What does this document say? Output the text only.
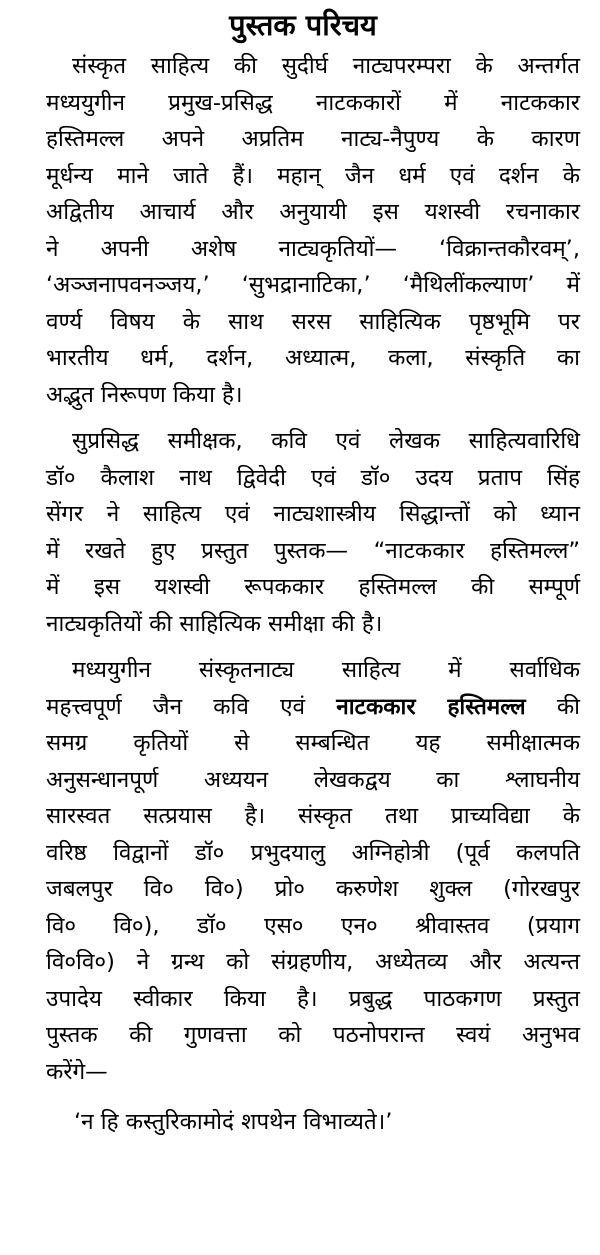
पुस्तक परिचय
संस्कृत साहित्य की सुदीर्घ नाट्यपरम्परा के अन्तर्गत
मध्ययुगीन प्रमुख-प्रसिद्ध नाटककारों में नाटककार
हस्तिमल्ल अपने अप्रतिम नाट्य-नैपुण्य के कारण
मूर्धन्य माने जाते हैं। महान् जैन धर्म एवं दर्शन के
अद्वितीय आचार्य और अनुयायी इस यशस्वी रचनाकार
ने अपनी अशेष नाट्यकृतियों— ‘विक्रान्तकौरवम्’,
‘अञ्जनापवनञ्जय,’ ‘सुभद्रानाटिका,’ ‘मैथिलींकल्याण’ में
वर्ण्य विषय के साथ सरस साहित्यिक पृष्ठभूमि पर
भारतीय धर्म, दर्शन, अध्यात्म, कला, संस्कृति का
अद्भुत निरूपण किया है।
सुप्रसिद्ध समीक्षक, कवि एवं लेखक साहित्यवारिधि
डॉ० कैलाश नाथ द्विवेदी एवं डॉ० उदय प्रताप सिंह
सेंगर ने साहित्य एवं नाट्यशास्त्रीय सिद्धान्तों को ध्यान
में रखते हुए प्रस्तुत पुस्तक— “नाटककार हस्तिमल्ल”
में इस यशस्वी रूपककार हस्तिमल्ल की सम्पूर्ण
नाट्यकृतियों की साहित्यिक समीक्षा की है।
मध्ययुगीन संस्कृतनाट्य साहित्य में सर्वाधिक
महत्त्वपूर्ण जैन कवि एवं नाटककार हस्तिमल्ल की
समग्र कृतियों से सम्बन्धित यह समीक्षात्मक
अनुसन्धानपूर्ण अध्ययन लेखकद्वय का श्लाघनीय
सारस्वत सत्प्रयास है। संस्कृत तथा प्राच्यविद्या के
वरिष्ठ विद्वानों डॉ० प्रभुदयालु अग्निहोत्री (पूर्व कलपति
जबलपुर वि० वि०) प्रो० करुणेश शुक्ल (गोरखपुर
वि० वि०), डॉ० एस० एन० श्रीवास्तव (प्रयाग
वि०वि०) ने ग्रन्थ को संग्रहणीय, अध्येतव्य और अत्यन्त
उपादेय स्वीकार किया है। प्रबुद्ध पाठकगण प्रस्तुत
पुस्तक की गुणवत्ता को पठनोपरान्त स्वयं अनुभव
करेंगे—
‘न हि कस्तुरिकामोदं शपथेन विभाव्यते।’
